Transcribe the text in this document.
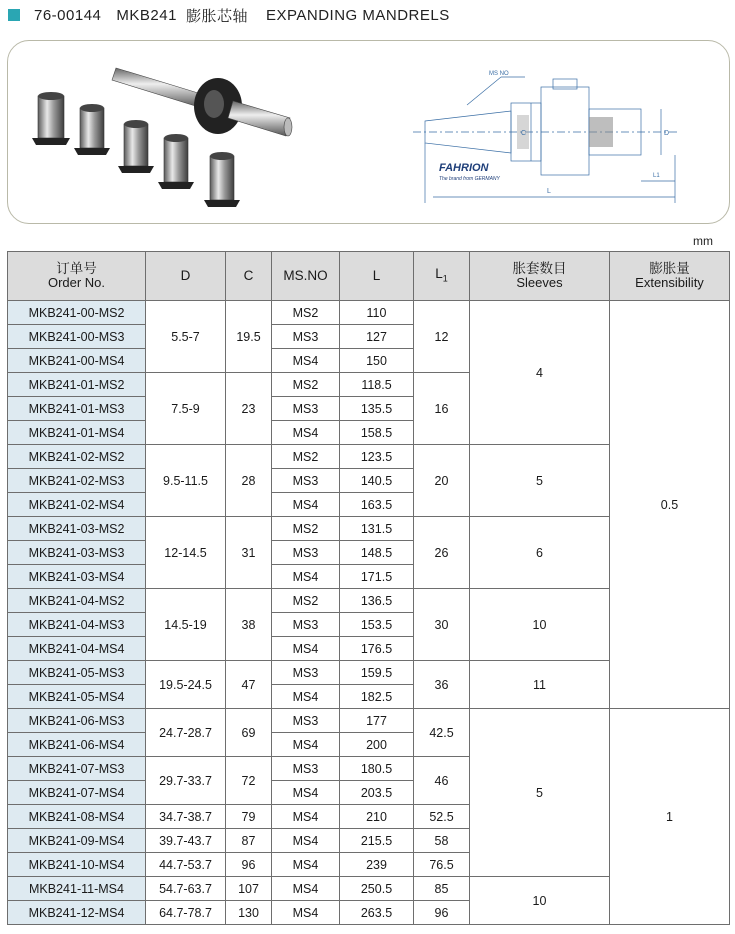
76-00144 MKB241 膨胀芯轴 EXPANDING MANDRELS
MS NO
C	D
L
L1
FAHRION
The brand from GERMANY
mm
订单号
Order No.	D	C	MS.NO	L	$L_1$	胀套数目
Sleeves	膨胀量
Extensibility

MKB241-00-MS2	5.5-7	19.5	MS2	110	12	4	0.5
MKB241-00-MS3			MS3	127			
MKB241-00-MS4			MS4	150			
MKB241-01-MS2	7.5-9	23	MS2	118.5	16		
MKB241-01-MS3			MS3	135.5			
MKB241-01-MS4			MS4	158.5			
MKB241-02-MS2	9.5-11.5	28	MS2	123.5	20	5	
MKB241-02-MS3			MS3	140.5			
MKB241-02-MS4			MS4	163.5			
MKB241-03-MS2	12-14.5	31	MS2	131.5	26	6	
MKB241-03-MS3			MS3	148.5			
MKB241-03-MS4			MS4	171.5			
MKB241-04-MS2	14.5-19	38	MS2	136.5	30	10	
MKB241-04-MS3			MS3	153.5			
MKB241-04-MS4			MS4	176.5			
MKB241-05-MS3	19.5-24.5	47	MS3	159.5	36	11	
MKB241-05-MS4			MS4	182.5			
MKB241-06-MS3	24.7-28.7	69	MS3	177	42.5	5	1
MKB241-06-MS4			MS4	200			
MKB241-07-MS3	29.7-33.7	72	MS3	180.5	46		
MKB241-07-MS4			MS4	203.5			
MKB241-08-MS4	34.7-38.7	79	MS4	210	52.5		
MKB241-09-MS4	39.7-43.7	87	MS4	215.5	58		
MKB241-10-MS4	44.7-53.7	96	MS4	239	76.5		
MKB241-11-MS4	54.7-63.7	107	MS4	250.5	85	10	
MKB241-12-MS4	64.7-78.7	130	MS4	263.5	96		
